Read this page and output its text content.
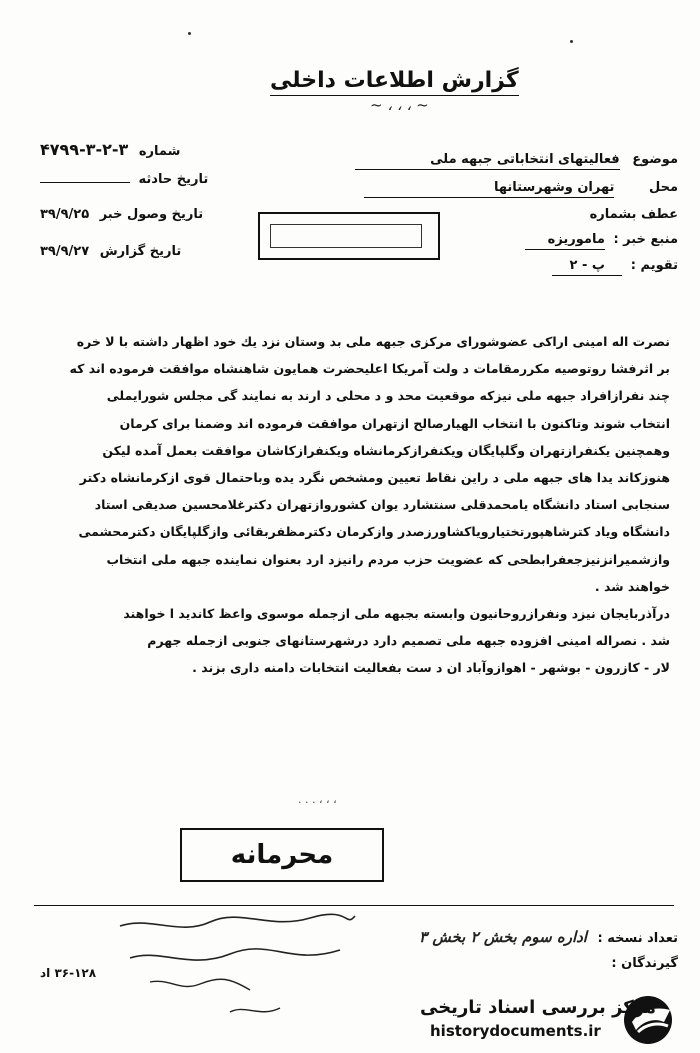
گزارش اطلاعات داخلی
~ ، ، ، ~
موضوع فعالیتهای انتخاباتی جبهه ملی
محل تهران وشهرستانها
عطف بشماره
منبع خبر : ماموریزه
تقویم : پ - ۲
شماره ۳-۲-۳-۴۷۹۹
تاریخ حادثه
تاریخ وصول خبر ۳۹/۹/۲۵
تاریخ گزارش ۳۹/۹/۲۷
نصرت اله امینی اراکی عضوشورای مرکزی جبهه ملی بد وستان نزد یك خود اظهار داشته با لا خره
بر اثرفشا روتوصیه مکررمقامات د ولت آمریکا اعلیحضرت همایون شاهنشاه موافقت فرموده اند که
چند نفرازافراد جبهه ملی نیزکه موقعیت محد و د محلی د ارند به نمایند گی مجلس شورایملی
انتخاب شوند وتاکنون با انتخاب الهیارصالح ازتهران موافقت فرموده اند وضمنا برای کرمان
وهمچنین یکنفرازتهران وگلپایگان ویکنفرازکرمانشاه ویکنفرازکاشان موافقت بعمل آمده لیکن
هنوزکاند یدا های جبهه ملی د راین نقاط تعیین ومشخص نگرد یده وباحتمال قوی ازکرمانشاه دکتر
سنجابی استاد دانشگاه یامحمدقلی سنتشارد یوان کشوروازتهران دکترغلامحسین صدیقی استاد
دانشگاه ویاد کترشاهپورتختیارویاکشاورزصدر وازکرمان دکترمظفربقائی وازگلپایگان دکترمحشمی
وازشمیرانزنیزجعفرابطحی که عضویت حزب مردم رانیزد ارد بعنوان نماینده جبهه ملی انتخاب
خواهند شد .
درآذربایجان نیزد ونفرازروحانیون وابسته بجبهه ملی ازجمله موسوی واعظ کاندید ا خواهند
شد . نصراله امینی افزوده جبهه ملی تصمیم دارد درشهرستانهای جنوبی ازجمله جهرم
لار - کازرون - بوشهر - اهوازوآباد ان د ست بفعالیت انتخابات دامنه داری بزند .
. . . ، ، ،
محرمانه
تعداد نسخه : اداره سوم بخش ۲ بخش ۳
گیرندگان :
۳۶-۱۲۸ اد
مرکز بررسی اسناد تاریخی
historydocuments.ir
